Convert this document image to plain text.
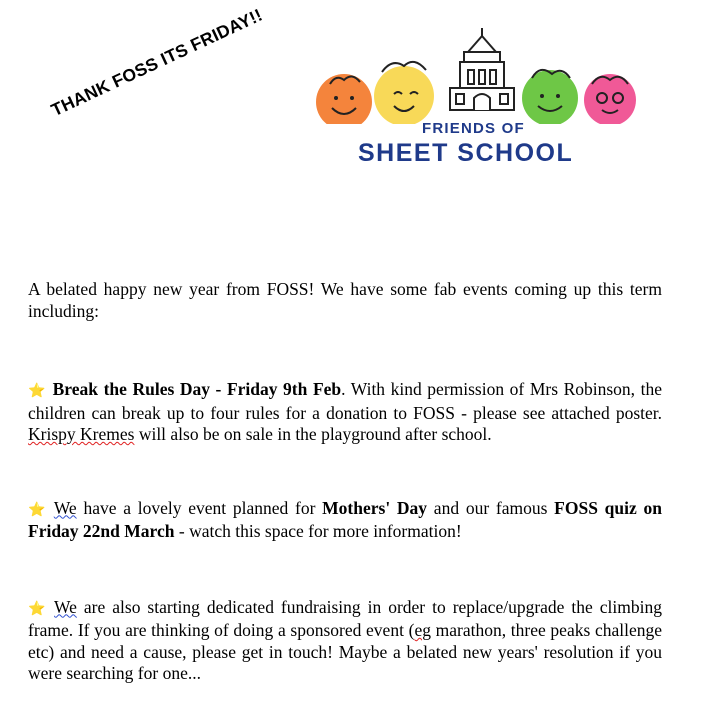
THANK FOSS ITS FRIDAY!!
FRIENDS OF
SHEET SCHOOL

A belated happy new year from FOSS! We have some fab events coming up this term including:

⭐ Break the Rules Day - Friday 9th Feb. With kind permission of Mrs Robinson, the children can break up to four rules for a donation to FOSS - please see attached poster. Krispy Kremes will also be on sale in the playground after school.

⭐ We have a lovely event planned for Mothers' Day and our famous FOSS quiz on Friday 22nd March - watch this space for more information!

⭐ We are also starting dedicated fundraising in order to replace/upgrade the climbing frame. If you are thinking of doing a sponsored event (eg marathon, three peaks challenge etc) and need a cause, please get in touch! Maybe a belated new years' resolution if you were searching for one...
